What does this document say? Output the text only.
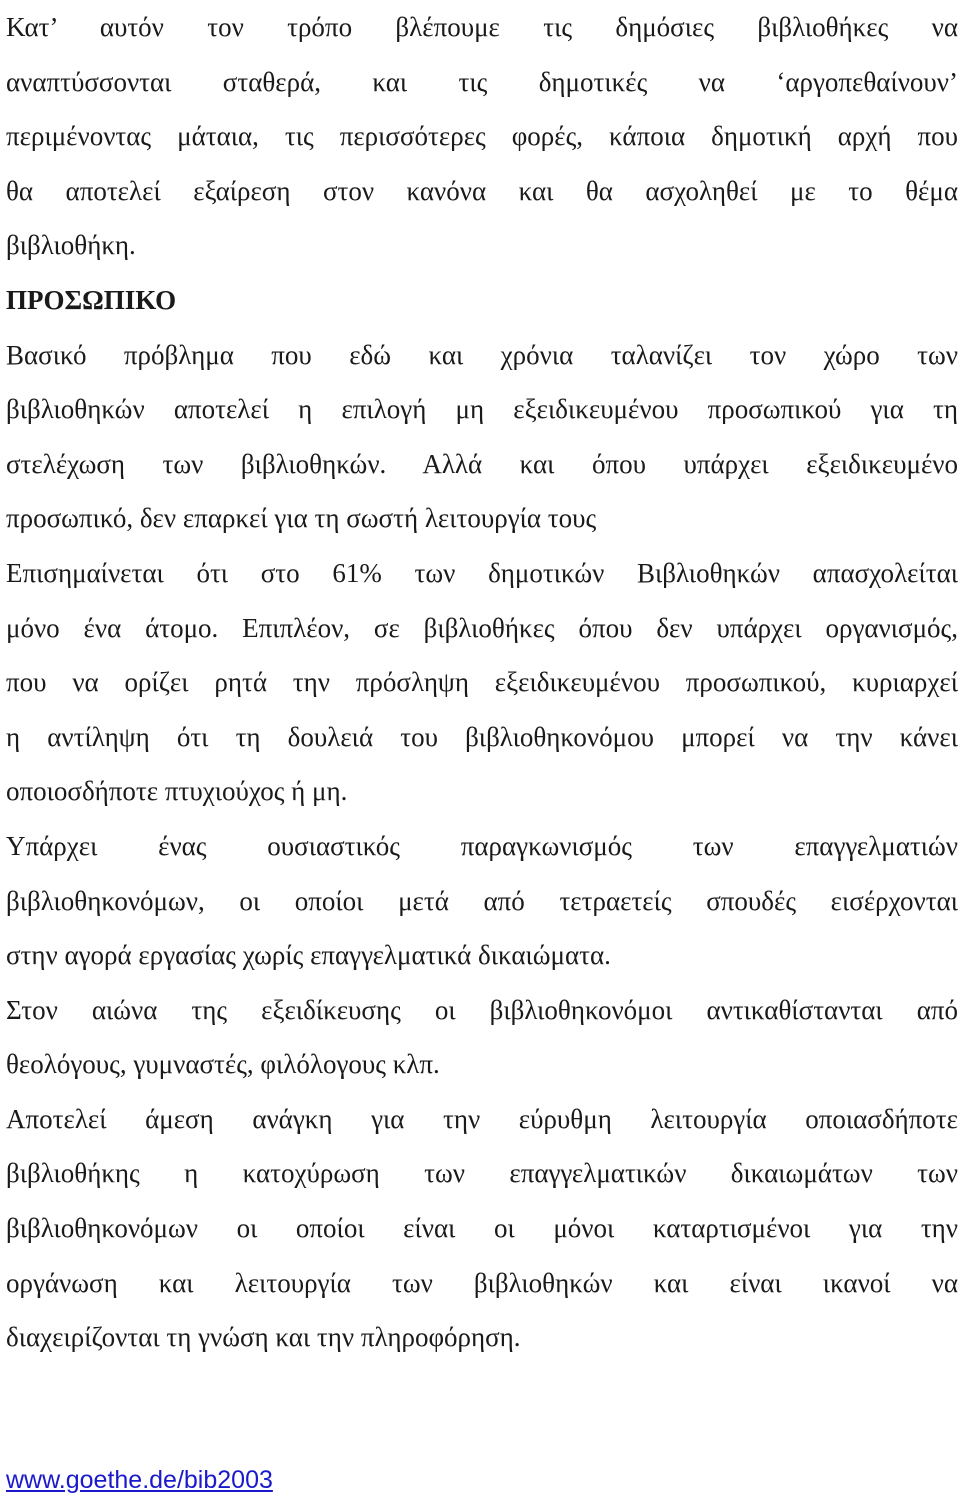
Κατ’ αυτόν τον τρόπο βλέπουμε τις δημόσιες βιβλιοθήκες να
αναπτύσσονται σταθερά, και τις δημοτικές να ‘αργοπεθαίνουν’
περιμένοντας μάταια, τις περισσότερες φορές, κάποια δημοτική αρχή που
θα αποτελεί εξαίρεση στον κανόνα και θα ασχοληθεί με το θέμα
βιβλιοθήκη.
ΠΡΟΣΩΠΙΚΟ
Βασικό πρόβλημα που εδώ και χρόνια ταλανίζει τον χώρο των
βιβλιοθηκών αποτελεί η επιλογή μη εξειδικευμένου προσωπικού για τη
στελέχωση των βιβλιοθηκών. Αλλά και όπου υπάρχει εξειδικευμένο
προσωπικό, δεν επαρκεί για τη σωστή λειτουργία τους
Επισημαίνεται ότι στο 61% των δημοτικών Βιβλιοθηκών απασχολείται
μόνο ένα άτομο. Επιπλέον, σε βιβλιοθήκες όπου δεν υπάρχει οργανισμός,
που να ορίζει ρητά την πρόσληψη εξειδικευμένου προσωπικού, κυριαρχεί
η αντίληψη ότι τη δουλειά του βιβλιοθηκονόμου μπορεί να την κάνει
οποιοσδήποτε πτυχιούχος ή μη.
Υπάρχει ένας ουσιαστικός παραγκωνισμός των επαγγελματιών
βιβλιοθηκονόμων, οι οποίοι μετά από τετραετείς σπουδές εισέρχονται
στην αγορά εργασίας χωρίς επαγγελματικά δικαιώματα.
Στον αιώνα της εξειδίκευσης οι βιβλιοθηκονόμοι αντικαθίστανται από
θεολόγους, γυμναστές, φιλόλογους κλπ.
Αποτελεί άμεση ανάγκη για την εύρυθμη λειτουργία οποιασδήποτε
βιβλιοθήκης η κατοχύρωση των επαγγελματικών δικαιωμάτων των
βιβλιοθηκονόμων οι οποίοι είναι οι μόνοι καταρτισμένοι για την
οργάνωση και λειτουργία των βιβλιοθηκών και είναι ικανοί να
διαχειρίζονται τη γνώση και την πληροφόρηση.
www.goethe.de/bib2003
